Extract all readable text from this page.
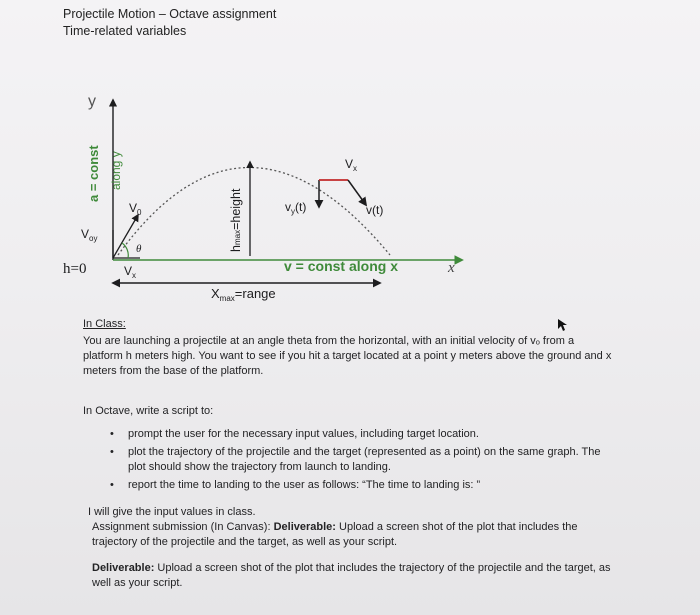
Projectile Motion – Octave assignment
Time-related variables
y
x
a = const along y
$V_0$
$V_{oy}$
θ
$V_x$
h=0
hmax=height	$v_y(t)$	v(t)
$V_x$
v = const along x
$X_{max}=range$
In Class:
You are launching a projectile at an angle theta from the horizontal, with an initial velocity of vₒ from a platform h meters high. You want to see if you hit a target located at a point y meters above the ground and x meters from the base of the platform.
In Octave, write a script to:
• prompt the user for the necessary input values, including target location.
• plot the trajectory of the projectile and the target (represented as a point) on the same graph. The plot should show the trajectory from launch to landing.
• report the time to landing to the user as follows: “The time to landing is: ”
I will give the input values in class.
Assignment submission (In Canvas): Deliverable: Upload a screen shot of the plot that includes the trajectory of the projectile and the target, as well as your script.
Deliverable: Upload a screen shot of the plot that includes the trajectory of the projectile and the target, as well as your script.
